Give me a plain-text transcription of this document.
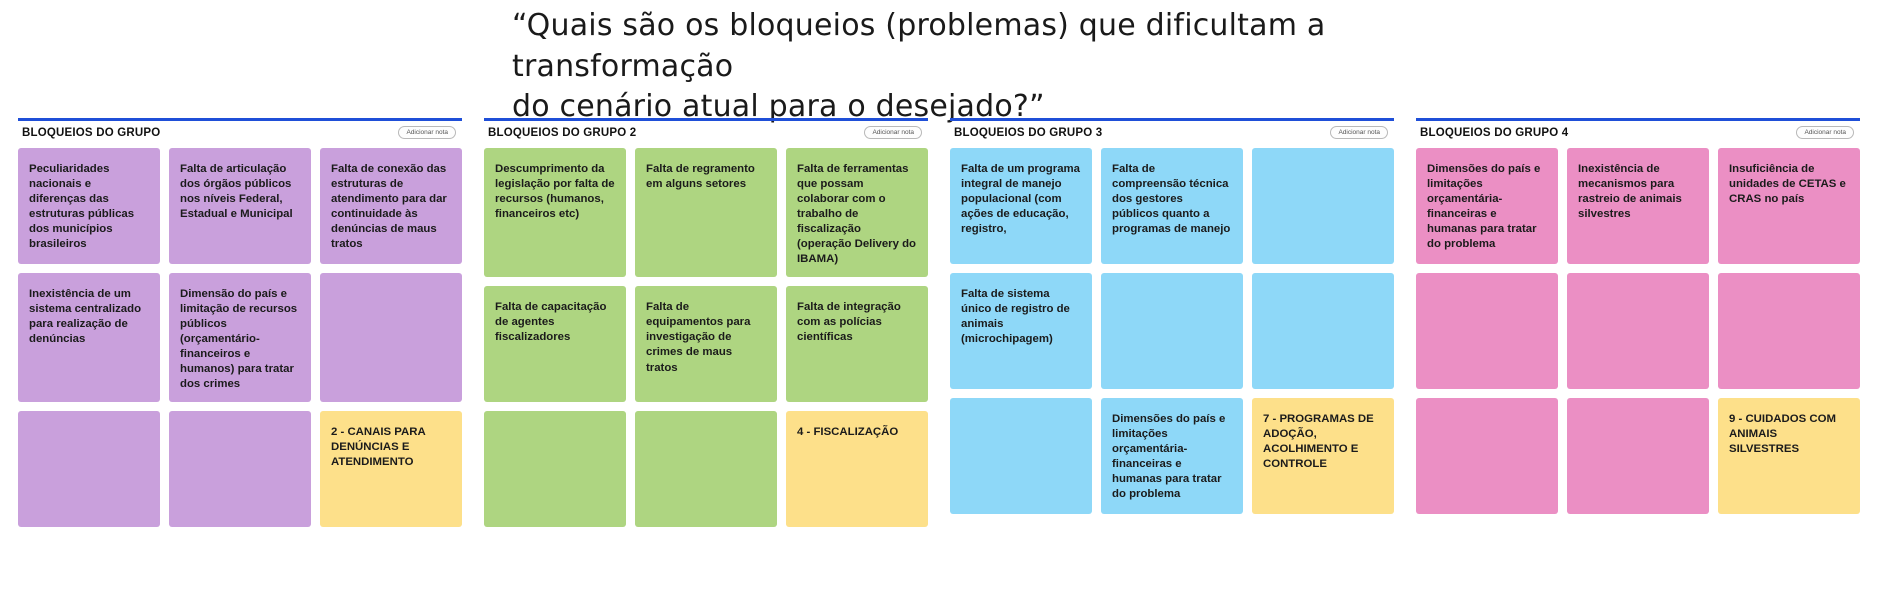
“Quais são os bloqueios (problemas) que dificultam a transformação
do cenário atual para o desejado?”
BLOQUEIOS DO GRUPO	Adicionar nota
Peculiaridades nacionais e diferenças das estruturas públicas dos municípios brasileiros
Falta de articulação dos órgãos públicos nos níveis Federal, Estadual e Municipal
Falta de conexão das estruturas de atendimento para dar continuidade às denúncias de maus tratos
Inexistência de um sistema centralizado para realização de denúncias
Dimensão do país e limitação de recursos públicos (orçamentário-financeiros e humanos) para tratar dos crimes
2 - CANAIS PARA DENÚNCIAS E ATENDIMENTO
BLOQUEIOS DO GRUPO 2	Adicionar nota
Descumprimento da legislação por falta de recursos (humanos, financeiros etc)
Falta de regramento em alguns setores
Falta de ferramentas que possam colaborar com o trabalho de fiscalização (operação Delivery do IBAMA)
Falta de capacitação de agentes fiscalizadores
Falta de equipamentos para investigação de crimes de maus tratos
Falta de integração com as polícias científicas
4 - FISCALIZAÇÃO
BLOQUEIOS DO GRUPO 3	Adicionar nota
Falta de um programa integral de manejo populacional (com ações de educação, registro,
Falta de compreensão técnica dos gestores públicos quanto a programas de manejo
Falta de sistema único de registro de animais (microchipagem)
Dimensões do país e limitações orçamentária-financeiras e humanas para tratar do problema
7 - PROGRAMAS DE ADOÇÃO, ACOLHIMENTO E CONTROLE
BLOQUEIOS DO GRUPO 4	Adicionar nota
Dimensões do país e limitações orçamentária-financeiras e humanas para tratar do problema
Inexistência de mecanismos para rastreio de animais silvestres
Insuficiência de unidades de CETAS e CRAS no país
9 - CUIDADOS COM ANIMAIS SILVESTRES
